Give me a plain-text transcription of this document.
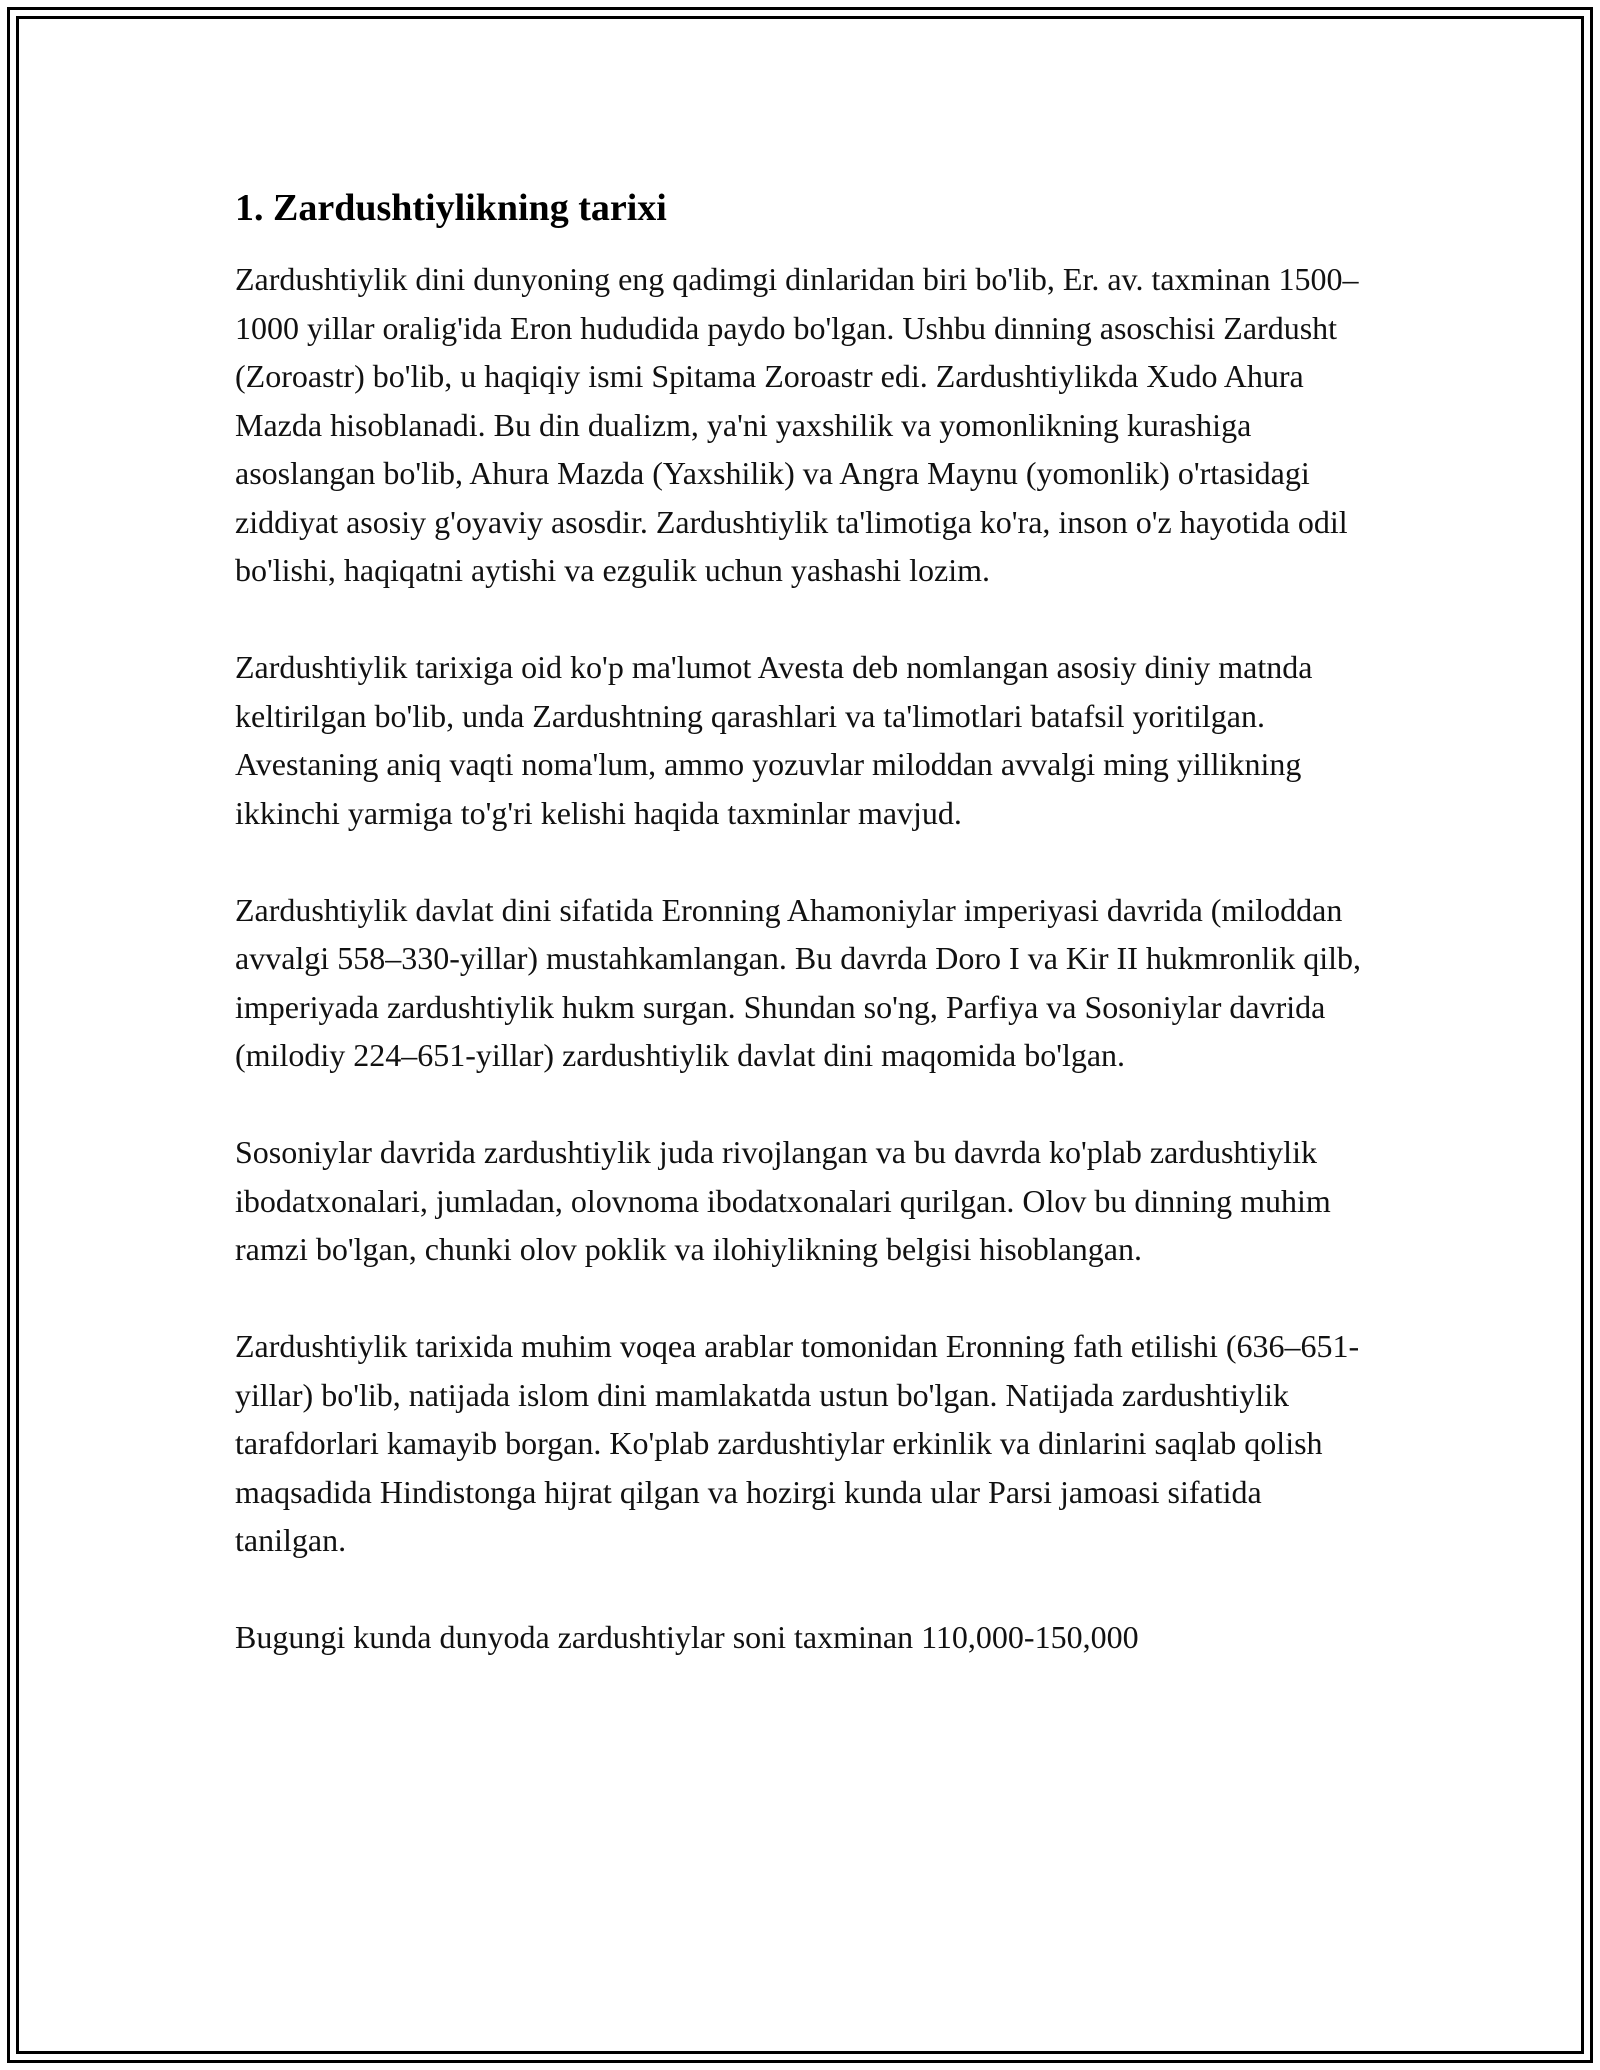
1. Zardushtiylikning tarixi

Zardushtiylik dini dunyoning eng qadimgi dinlaridan biri bo'lib, Er. av. taxminan 1500–1000 yillar oralig'ida Eron hududida paydo bo'lgan. Ushbu dinning asoschisi Zardusht (Zoroastr) bo'lib, u haqiqiy ismi Spitama Zoroastr edi. Zardushtiylikda Xudo Ahura Mazda hisoblanadi. Bu din dualizm, ya'ni yaxshilik va yomonlikning kurashiga asoslangan bo'lib, Ahura Mazda (Yaxshilik) va Angra Maynu (yomonlik) o'rtasidagi ziddiyat asosiy g'oyaviy asosdir. Zardushtiylik ta'limotiga ko'ra, inson o'z hayotida odil bo'lishi, haqiqatni aytishi va ezgulik uchun yashashi lozim.

Zardushtiylik tarixiga oid ko'p ma'lumot Avesta deb nomlangan asosiy diniy matnda keltirilgan bo'lib, unda Zardushtning qarashlari va ta'limotlari batafsil yoritilgan. Avestaning aniq vaqti noma'lum, ammo yozuvlar miloddan avvalgi ming yillikning ikkinchi yarmiga to'g'ri kelishi haqida taxminlar mavjud.

Zardushtiylik davlat dini sifatida Eronning Ahamoniylar imperiyasi davrida (miloddan avvalgi 558–330-yillar) mustahkamlangan. Bu davrda Doro I va Kir II hukmronlik qilb, imperiyada zardushtiylik hukm surgan. Shundan so'ng, Parfiya va Sosoniylar davrida (milodiy 224–651-yillar) zardushtiylik davlat dini maqomida bo'lgan.

Sosoniylar davrida zardushtiylik juda rivojlangan va bu davrda ko'plab zardushtiylik ibodatxonalari, jumladan, olovnoma ibodatxonalari qurilgan. Olov bu dinning muhim ramzi bo'lgan, chunki olov poklik va ilohiylikning belgisi hisoblangan.

Zardushtiylik tarixida muhim voqea arablar tomonidan Eronning fath etilishi (636–651-yillar) bo'lib, natijada islom dini mamlakatda ustun bo'lgan. Natijada zardushtiylik tarafdorlari kamayib borgan. Ko'plab zardushtiylar erkinlik va dinlarini saqlab qolish maqsadida Hindistonga hijrat qilgan va hozirgi kunda ular Parsi jamoasi sifatida tanilgan.

Bugungi kunda dunyoda zardushtiylar soni taxminan 110,000-150,000
